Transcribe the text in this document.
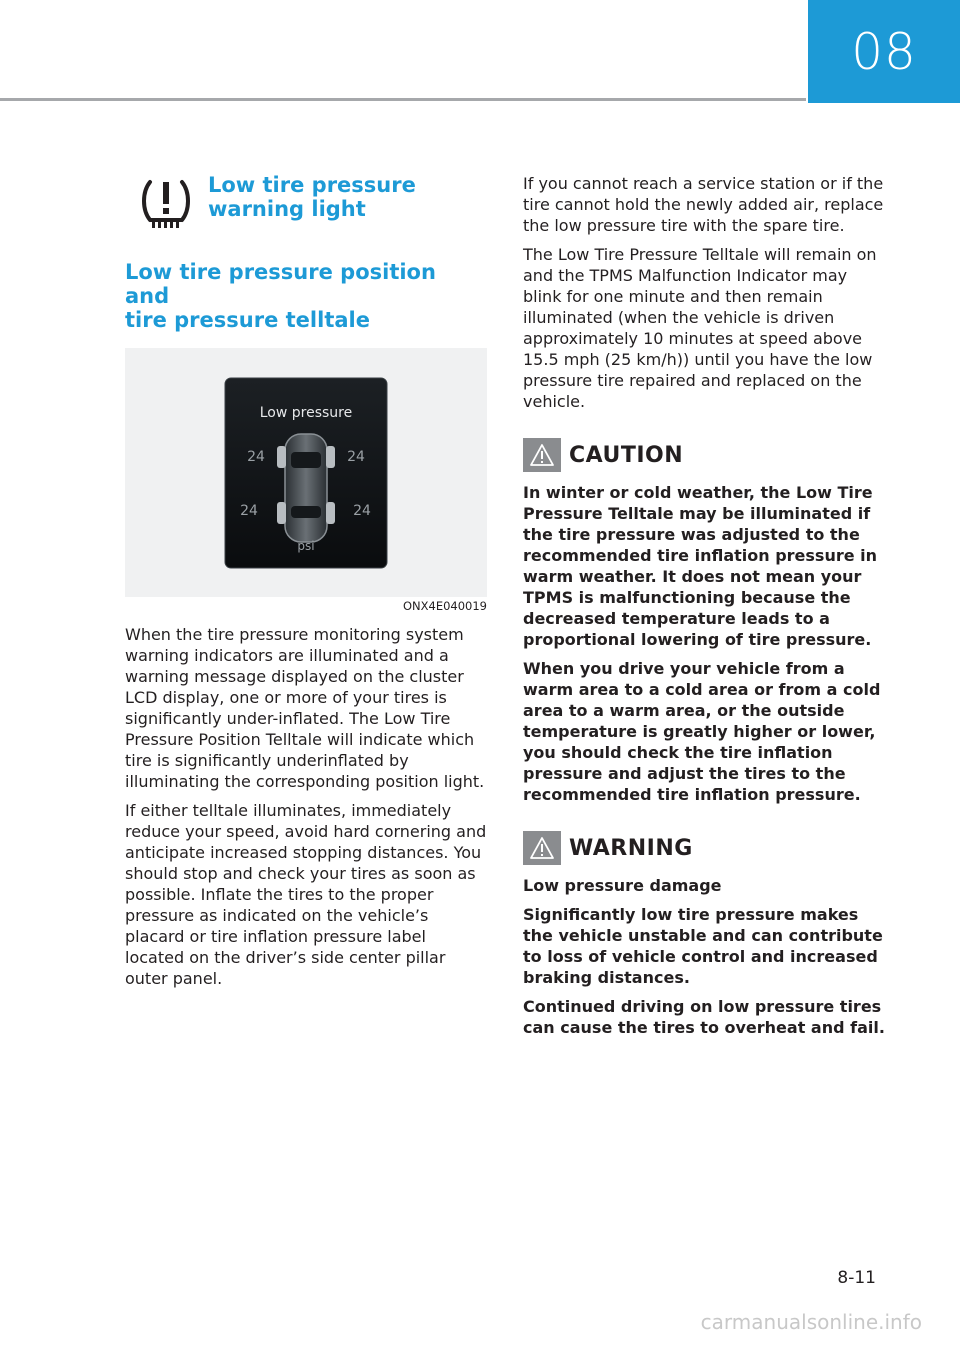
08
Low tire pressure
warning light
Low tire pressure position and
tire pressure telltale
Low pressure
24	24
24	24
psi
ONX4E040019

When the tire pressure monitoring system warning indicators are illuminated and a warning message displayed on the cluster LCD display, one or more of your tires is significantly under-inflated. The Low Tire Pressure Position Telltale will indicate which tire is significantly underinflated by illuminating the corresponding position light.

If either telltale illuminates, immediately reduce your speed, avoid hard cornering and anticipate increased stopping distances. You should stop and check your tires as soon as possible. Inflate the tires to the proper pressure as indicated on the vehicle’s placard or tire inflation pressure label located on the driver’s side center pillar outer panel.

If you cannot reach a service station or if the tire cannot hold the newly added air, replace the low pressure tire with the spare tire.

The Low Tire Pressure Telltale will remain on and the TPMS Malfunction Indicator may blink for one minute and then remain illuminated (when the vehicle is driven approximately 10 minutes at speed above 15.5 mph (25 km/h)) until you have the low pressure tire repaired and replaced on the vehicle.

CAUTION

In winter or cold weather, the Low Tire Pressure Telltale may be illuminated if the tire pressure was adjusted to the recommended tire inflation pressure in warm weather. It does not mean your TPMS is malfunctioning because the decreased temperature leads to a proportional lowering of tire pressure.

When you drive your vehicle from a warm area to a cold area or from a cold area to a warm area, or the outside temperature is greatly higher or lower, you should check the tire inflation pressure and adjust the tires to the recommended tire inflation pressure.

WARNING

Low pressure damage

Significantly low tire pressure makes the vehicle unstable and can contribute to loss of vehicle control and increased braking distances.

Continued driving on low pressure tires can cause the tires to overheat and fail.

8-11
carmanualsonline.info
